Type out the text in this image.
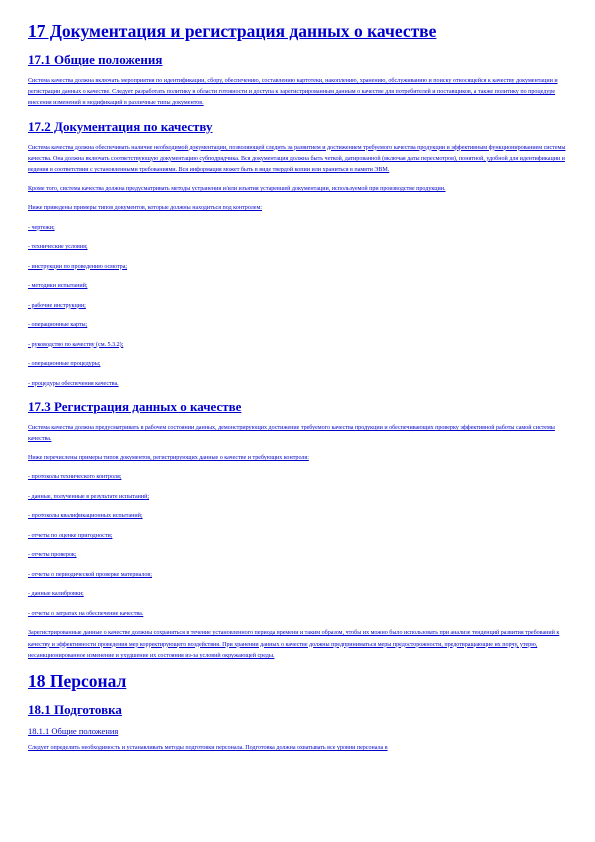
17 Документация и регистрация данных о качестве
17.1 Общие положения

Система качества должна включать мероприятия по идентификации, сбору, обеспечению, составлению картотеки, накоплению, хранению, обслуживанию и поиску относящейся к качеству документации и регистрации данных о качестве. Следует разработать политику в области готовности и доступа к зарегистрированным данным о качестве для потребителей и поставщиков, а также политику по процедуре внесения изменений и модификаций в различные типы документов.

17.2 Документация по качеству

Система качества должна обеспечивать наличие необходимой документации, позволяющей следить за развитием и достижением требуемого качества продукции и эффективным функционированием системы качества. Она должна включать соответствующую документацию субподрядчика. Вся документация должна быть четкой, датированной (включая даты пересмотров), понятной, удобной для идентификации и ведения в соответствии с установленными требованиями. Вся информация может быть в виде твердой копии или храниться в памяти ЭВМ.

Кроме того, система качества должна предусматривать методы устранения и/или изъятия устаревшей документации, используемой при производстве продукции.

Ниже приведены примеры типов документов, которые должны находиться под контролем:

- чертежи;

- технические условия;

- инструкции по проведению осмотра;

- методики испытаний;

- рабочие инструкции;

- операционные карты;

- руководство по качеству (см. 5.3.2);

- операционные процедуры;

- процедуры обеспечения качества.

17.3 Регистрация данных о качестве

Система качества должна предусматривать в рабочем состоянии данных, демонстрирующих достижение требуемого качества продукции и обеспечивающих проверку эффективной работы самой системы качества.

Ниже перечислены примеры типов документов, регистрирующих данные о качестве и требующих контроля:

- протоколы технического контроля;

- данные, полученные в результате испытаний;

- протоколы квалификационных испытаний;

- отчеты по оценке пригодности;

- отчеты проверок;

- отчеты о периодической проверке материалов;

- данные калибровки;

- отчеты о затратах на обеспечение качества.

Зарегистрированные данные о качестве должны сохраняться в течение установленного периода времени и таким образом, чтобы их можно было использовать при анализе тенденций развития требований к качеству и эффективности проведения мер корректирующего воздействия. При хранении данных о качестве должны предприниматься меры предосторожности, предотвращающие их порчу, утерю, несанкционированное изменение и ухудшение их состояния из-за условий окружающей среды.

18 Персонал
18.1 Подготовка
18.1.1 Общие положения

Следует определить необходимость и устанавливать методы подготовки персонала. Подготовка должна охватывать все уровни персонала в
